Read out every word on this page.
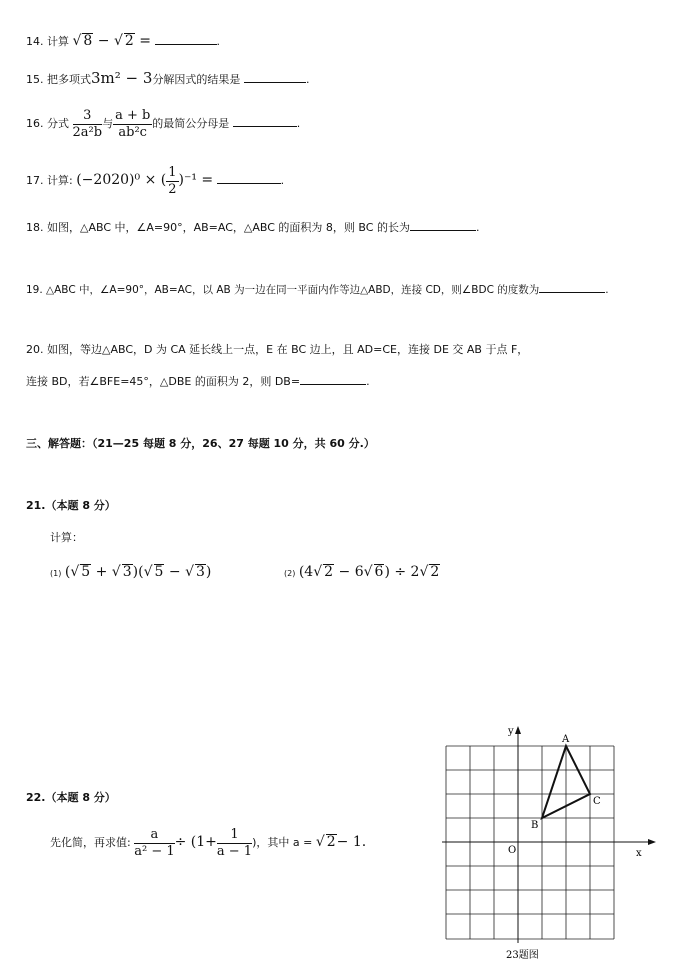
14. 计算 √ 8 − √ 2 =	.
15. 把多项式3m² − 3分解因式的结果是	.
16. 分式 $\frac{3}{\text{2a²b}}$ 与 $\frac{a + b}{\text{ab²c}}$ 的最简公分母是	.
17. 计算: (−2020)⁰ × ( $\frac{1}{2} )^{-1}$ =	.
18. 如图，△ABC 中，∠A=90°，AB=AC，△ABC 的面积为 8，则 BC 的长为	.
19. △ABC 中，∠A=90°，AB=AC，以 AB 为一边在同一平面内作等边△ABD，连接 CD，则∠BDC 的度数为	.
20. 如图，等边△ABC，D 为 CA 延长线上一点，E 在 BC 边上，且 AD=CE，连接 DE 交 AB 于点 F，
连接 BD，若∠BFE=45°，△DBE 的面积为 2，则 DB=	.
三、解答题：（21—25 每题 8 分，26、27 每题 10 分，共 60 分.）
21.（本题 8 分）
计算：
(1) (√ 5 + √ 3)(√ 5 − √ 3)	(2) (4√ 2 − 6√ 6) ÷ 2√ 2
22.（本题 8 分）
先化简，再求值: $\frac{a}{\text{a² − 1}} \div (1+ \frac{1}{a - 1}$ )，其中 a = √ 2− 1.
y
x
O
A
B
C
23题图
